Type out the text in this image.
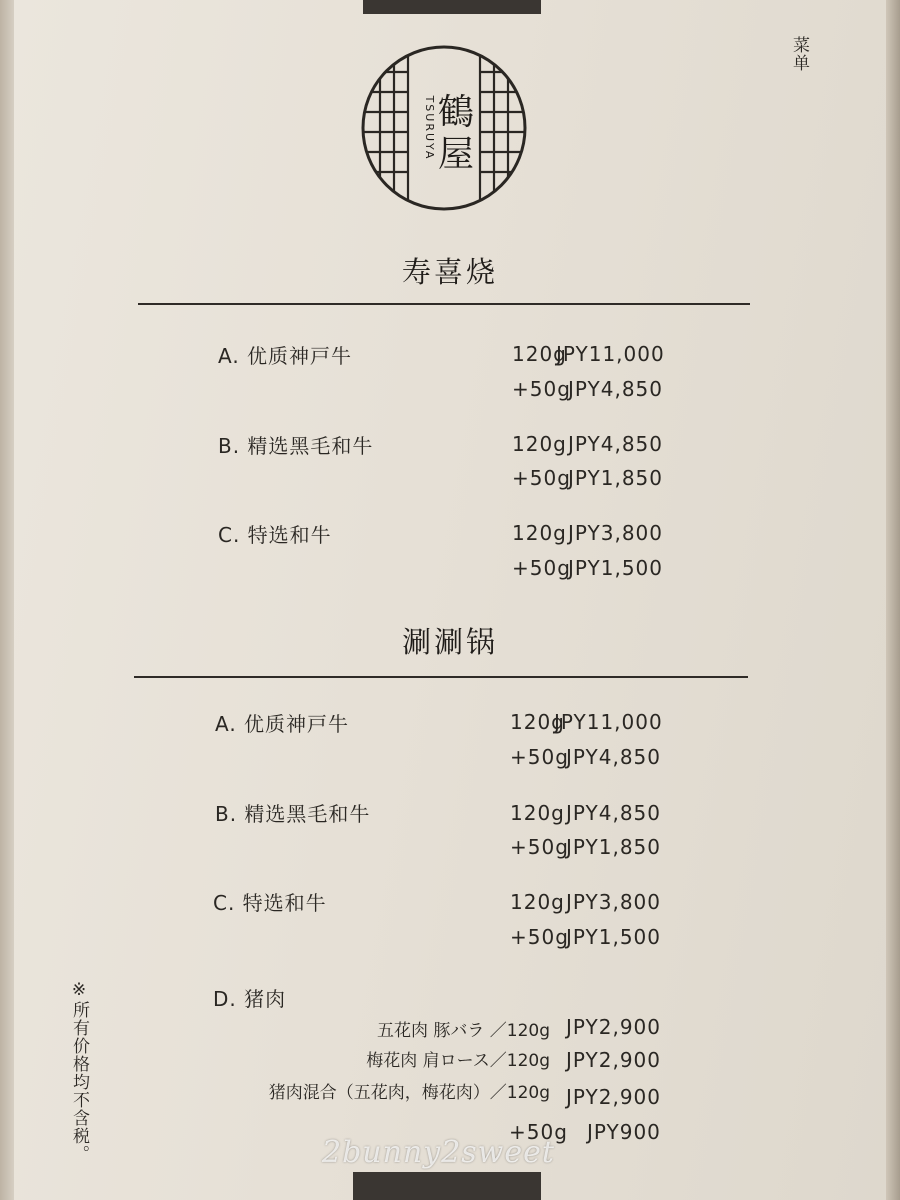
菜单
鶴
屋
TSURUYA
寿喜烧
A. 优质神戸牛	120gJPY11,000
+50gJPY4,850
B. 精选黑毛和牛	120gJPY4,850
+50gJPY1,850
C. 特选和牛	120gJPY3,800
+50gJPY1,500
涮涮锅
A. 优质神戸牛	120gJPY11,000
+50gJPY4,850
B. 精选黑毛和牛	120gJPY4,850
+50gJPY1,850
C. 特选和牛	120gJPY3,800
+50gJPY1,500
D. 猪肉
五花肉 豚バラ ／120g JPY2,900
梅花肉 肩ロース／120g JPY2,900
猪肉混合（五花肉，梅花肉）／120g JPY2,900
+50g JPY900
※所有价格均不含税。	2bunny2sweet
